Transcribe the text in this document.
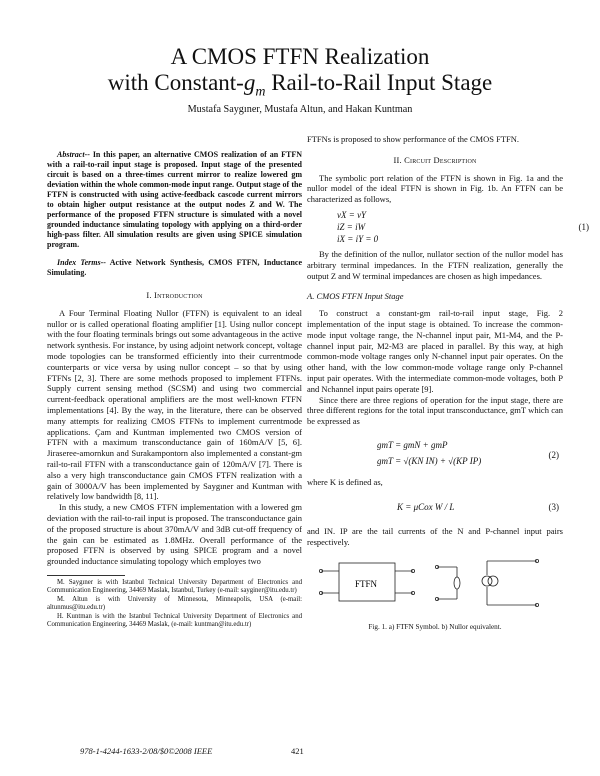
A CMOS FTFN Realization
with Constant-$g_m$ Rail-to-Rail Input Stage
Mustafa Saygıner, Mustafa Altun, and Hakan Kuntman

Abstract-- In this paper, an alternative CMOS realization of an FTFN with a rail-to-rail input stage is proposed. Input stage of the presented circuit is based on a three-times current mirror to realize lowered gm deviation within the whole common-mode input range. Output stage of the FTFN is constructed with using active-feedback cascode current mirrors to obtain higher output resistance at the output nodes Z and W. The performance of the proposed FTFN structure is simulated with a novel grounded inductance simulating topology with applying on a third-order high-pass filter. All simulation results are given using SPICE simulation program.

Index Terms-- Active Network Synthesis, CMOS FTFN, Inductance Simulating.

I. Introduction

A Four Terminal Floating Nullor (FTFN) is equivalent to an ideal nullor or is called operational floating amplifier [1]. Using nullor concept with the four floating terminals brings out some advantageous in the active network synthesis. For instance, by using adjoint network concept, voltage mode topologies can be transformed efficiently into their currentmode counterparts or vice versa by using nullor concept – so that by using FTFNs [2, 3]. There are some methods proposed to implement FTFNs. Supply current sensing method (SCSM) and using two commercial current-feedback operational amplifiers are the most well-known FTFN implementations [4]. By the way, in the literature, there can be observed many attempts for realizing CMOS FTFNs to implement currentmode applications. Çam and Kuntman implemented two CMOS version of FTFN with a maximum transconductance gain of 160mA/V [5, 6]. Jiraseree-amornkun and Surakampontorn also implemented a constant-gm rail-to-rail FTFN with a transconductance gain of 120mA/V [7]. There is also a very high transconductance gain CMOS FTFN realization with a gain of 3000A/V has been implemented by Saygıner and Kuntman with relatively low bandwidth [8, 11].

In this study, a new CMOS FTFN implementation with a lowered gm deviation with the rail-to-rail input is proposed. The transconductance gain of the proposed structure is about 370mA/V and 3dB cut-off frequency of the gain can be estimated as 1.8MHz. Overall performance of the proposed FTFN is observed by using SPICE program and a novel grounded inductance simulating topology which employes two

M. Saygıner is with Istanbul Technical University Department of Electronics and Communication Engineering, 34469 Maslak, Istanbul, Turkey (e-mail: sayginer@itu.edu.tr)

M. Altun is with University of Minnesota, Minneapolis, USA (e-mail: altunmus@itu.edu.tr)

H. Kuntman is with the Istanbul Technical University Department of Electronics and Communication Engineering, 34469 Maslak, (e-mail: kuntman@itu.edu.tr)

FTFNs is proposed to show performance of the CMOS FTFN.

II. Circuit Description

The symbolic port relation of the FTFN is shown in Fig. 1a and the nullor model of the ideal FTFN is shown in Fig. 1b. An FTFN can be characterized as follows,

vX = vY
iZ = iW
iX = iY = 0
(1)

By the definition of the nullor, nullator section of the nullor model has arbitrary terminal impedances. In the FTFN realization, generally the output Z and W terminal impedances are chosen as high impedances.

A. CMOS FTFN Input Stage

To construct a constant-gm rail-to-rail input stage, Fig. 2 implementation of the input stage is obtained. To increase the common-mode input voltage range, the N-channel input pair, M1-M4, and the P-channel input pair, M2-M3 are placed in parallel. By this way, at high common-mode voltage ranges only N-channel input pair operates. On the other hand, with the low common-mode voltage range only P-channel input pair operates. With the intermediate common-mode voltages, both P and Nchannel input pairs operate [9].

Since there are three regions of operation for the input stage, there are three different regions for the total input transconductance, gmT which can be expressed as

gmT = gmN + gmP
gmT = √(KN IN) + √(KP IP)
(2)

where K is defined as,

K = μCox W / L	(3)

and IN. IP are the tail currents of the N and P-channel input pairs respectively.

FTFN
Fig. 1. a) FTFN Symbol. b) Nullor equivalent.
978-1-4244-1633-2/08/$0©2008 IEEE	421
